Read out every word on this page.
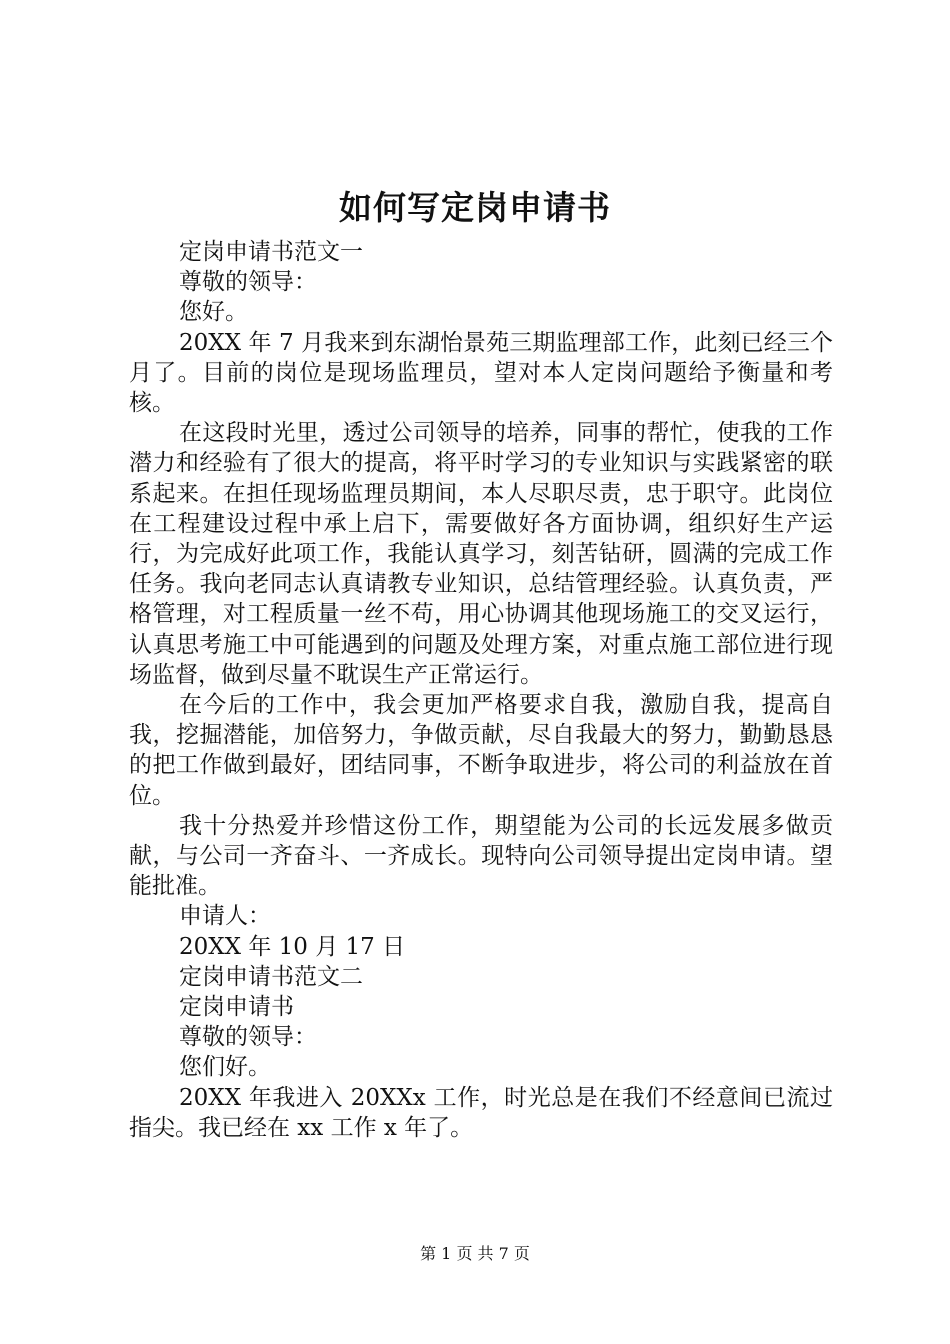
如何写定岗申请书

定岗申请书范文一

尊敬的领导：

您好。

20XX 年 7 月我来到东湖怡景苑三期监理部工作，此刻已经三个月了。目前的岗位是现场监理员，望对本人定岗问题给予衡量和考核。

在这段时光里，透过公司领导的培养，同事的帮忙，使我的工作潜力和经验有了很大的提高，将平时学习的专业知识与实践紧密的联系起来。在担任现场监理员期间，本人尽职尽责，忠于职守。此岗位在工程建设过程中承上启下，需要做好各方面协调，组织好生产运行，为完成好此项工作，我能认真学习，刻苦钻研，圆满的完成工作任务。我向老同志认真请教专业知识，总结管理经验。认真负责，严格管理，对工程质量一丝不苟，用心协调其他现场施工的交叉运行，认真思考施工中可能遇到的问题及处理方案，对重点施工部位进行现场监督，做到尽量不耽误生产正常运行。

在今后的工作中，我会更加严格要求自我，激励自我，提高自我，挖掘潜能，加倍努力，争做贡献，尽自我最大的努力，勤勤恳恳的把工作做到最好，团结同事，不断争取进步，将公司的利益放在首位。

我十分热爱并珍惜这份工作，期望能为公司的长远发展多做贡献，与公司一齐奋斗、一齐成长。现特向公司领导提出定岗申请。望能批准。

申请人：

20XX 年 10 月 17 日

定岗申请书范文二

定岗申请书

尊敬的领导：

您们好。

20XX 年我进入 20XXx 工作，时光总是在我们不经意间已流过指尖。我已经在 xx 工作 x 年了。

第 1 页 共 7 页
